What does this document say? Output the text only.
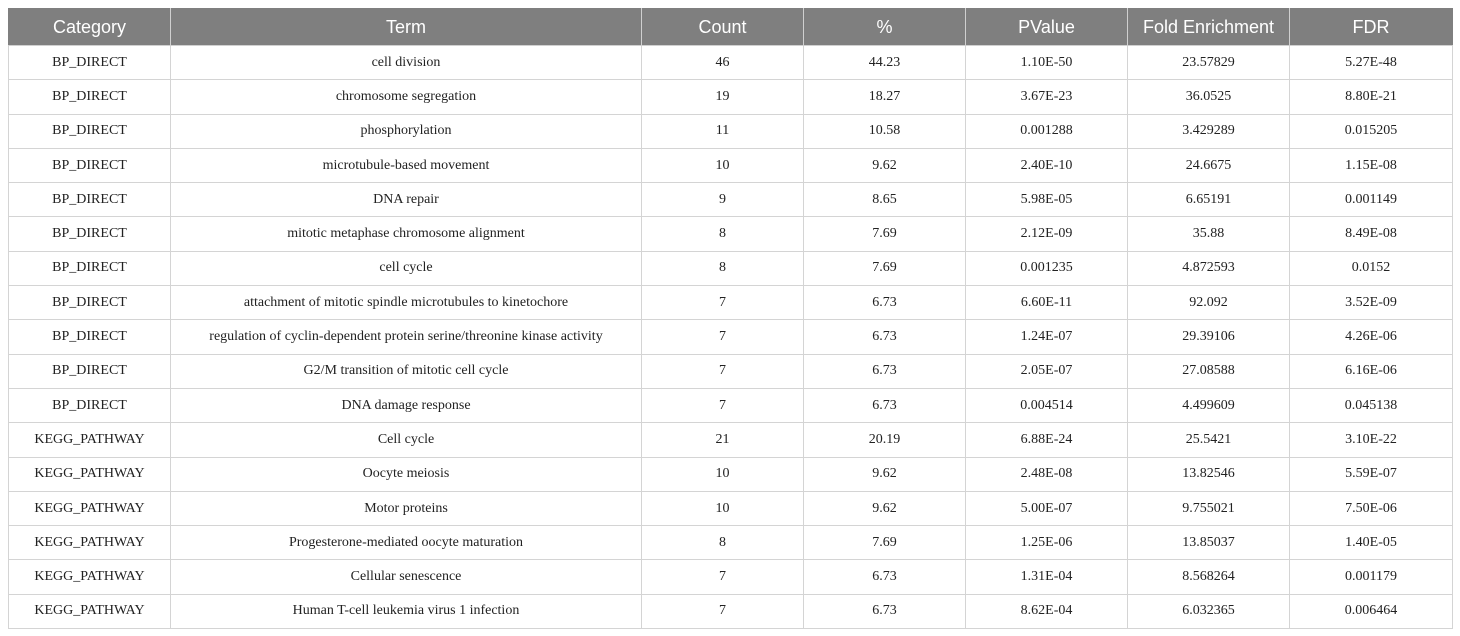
Category	Term	Count	%	PValue	Fold Enrichment	FDR
BP_DIRECT	cell division	46	44.23	1.10E-50	23.57829	5.27E-48
BP_DIRECT	chromosome segregation	19	18.27	3.67E-23	36.0525	8.80E-21
BP_DIRECT	phosphorylation	11	10.58	0.001288	3.429289	0.015205
BP_DIRECT	microtubule-based movement	10	9.62	2.40E-10	24.6675	1.15E-08
BP_DIRECT	DNA repair	9	8.65	5.98E-05	6.65191	0.001149
BP_DIRECT	mitotic metaphase chromosome alignment	8	7.69	2.12E-09	35.88	8.49E-08
BP_DIRECT	cell cycle	8	7.69	0.001235	4.872593	0.0152
BP_DIRECT	attachment of mitotic spindle microtubules to kinetochore	7	6.73	6.60E-11	92.092	3.52E-09
BP_DIRECT	regulation of cyclin-dependent protein serine/threonine kinase activity	7	6.73	1.24E-07	29.39106	4.26E-06
BP_DIRECT	G2/M transition of mitotic cell cycle	7	6.73	2.05E-07	27.08588	6.16E-06
BP_DIRECT	DNA damage response	7	6.73	0.004514	4.499609	0.045138
KEGG_PATHWAY	Cell cycle	21	20.19	6.88E-24	25.5421	3.10E-22
KEGG_PATHWAY	Oocyte meiosis	10	9.62	2.48E-08	13.82546	5.59E-07
KEGG_PATHWAY	Motor proteins	10	9.62	5.00E-07	9.755021	7.50E-06
KEGG_PATHWAY	Progesterone-mediated oocyte maturation	8	7.69	1.25E-06	13.85037	1.40E-05
KEGG_PATHWAY	Cellular senescence	7	6.73	1.31E-04	8.568264	0.001179
KEGG_PATHWAY	Human T-cell leukemia virus 1 infection	7	6.73	8.62E-04	6.032365	0.006464
